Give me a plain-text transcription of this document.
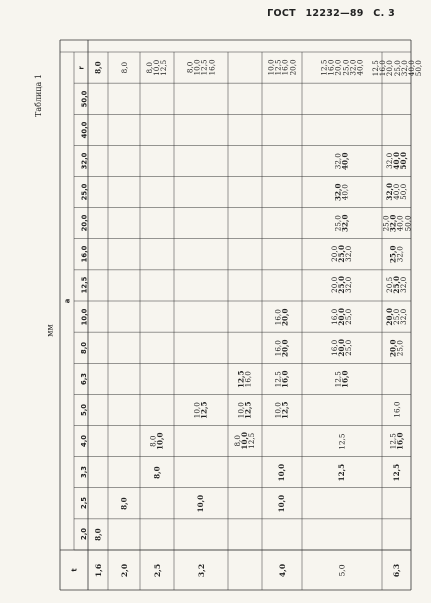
ГОСТ 12232—89 С. 3
2,0
2,5
3,3
4,0
5,0
6,3
8,0
10,0
12,5
16,0
20,0
25,0
32,0
40,0
50,0
r
a
t 1,6
8,0
8,0
2,0
8,0
8,0
2,5
8,0
8,0
10,0
8,0
10,0
12,5
3,2
10,0
10,0
12,5
8,0
10,0
12,5
16,0
8,0
10,0
12,5
10,0
12,5
12,5
16,0
4,0
10,0
10,0
10,0
12,5
12,5
16,0
16,0
20,0
16,0
20,0
10,0
12,5
16,0
20,0
5,0
12,5
12,5
12,5
16,0
16,0
20,0
25,0
16,0
20,0
25,0
20,0
25,0
32,0
20,0
25,0
32,0
25,0
32,0
32,0
40,0
32,0
40,0
12,5
16,0
20,0
25,0
32,0
40,0
6,3
12,5
12,5
16,0
16,0
20,0
25,0
20,0
25,0
32,0
20,5
25,0
32,0
25,0
32,0
25,0
32,0
40,0
50,0
32,0
40,0
50,0
32,0
40,0
50,0
12,5
16,0
20,0
25,0
32,0
40,0
50,0
Таблица 1
мм
